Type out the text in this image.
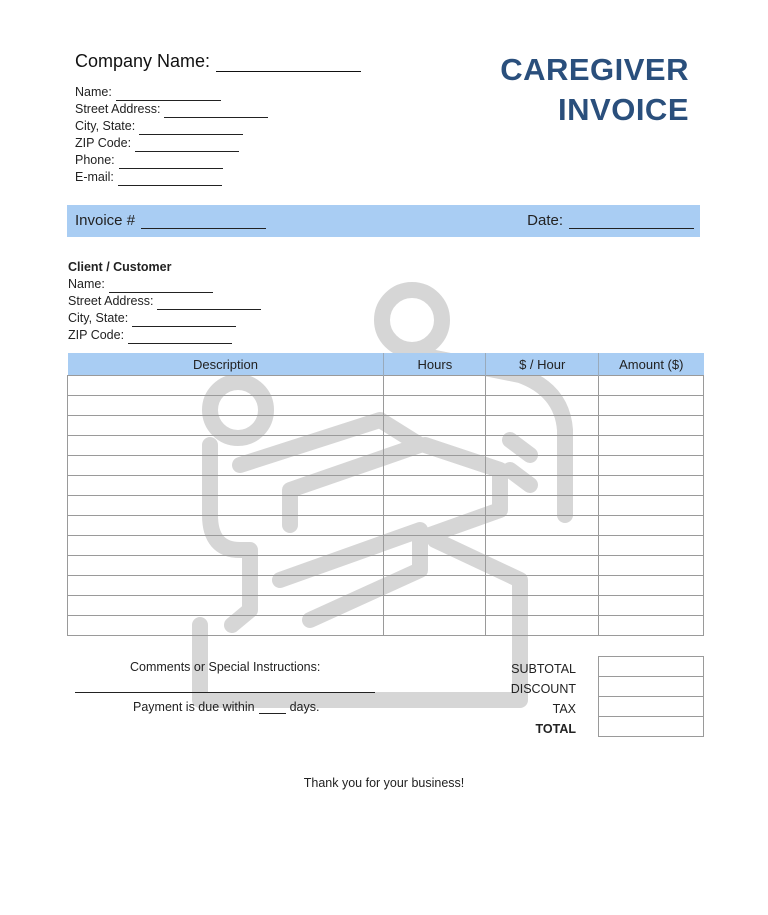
Company Name:
Name:
Street Address:
City, State:
ZIP Code:
Phone:
E-mail:
CAREGIVER
INVOICE
Invoice #	Date:
Client / Customer
Name:
Street Address:
City, State:
ZIP Code:
Description	Hours	$ / Hour	Amount ($)

Comments or Special Instructions:
Payment is due within	days.
SUBTOTAL
DISCOUNT
TAX
TOTAL
Thank you for your business!
